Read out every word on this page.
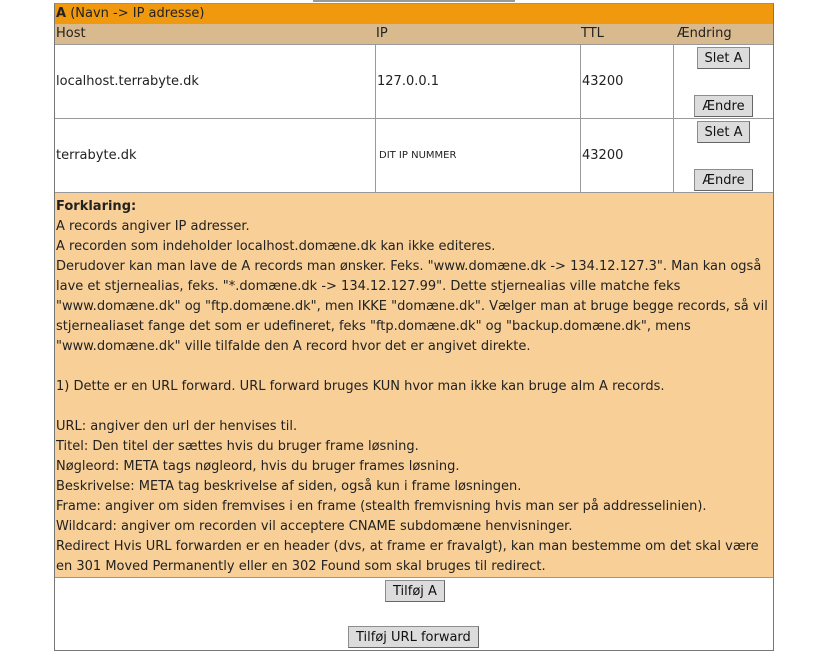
A (Navn -> IP adresse)
Host	IP	TTL	Ændring
localhost.terrabyte.dk	127.0.0.1	43200
Slet A
Ændre
terrabyte.dk	DIT IP NUMMER	43200
Slet A
Ændre

Forklaring:

A records angiver IP adresser.

A recorden som indeholder localhost.domæne.dk kan ikke editeres.

Derudover kan man lave de A records man ønsker. Feks. "www.domæne.dk -> 134.12.127.3". Man kan også lave et stjernealias, feks. "*.domæne.dk -> 134.12.127.99". Dette stjernealias ville matche feks "www.domæne.dk" og "ftp.domæne.dk", men IKKE "domæne.dk". Vælger man at bruge begge records, så vil stjernealiaset fange det som er udefineret, feks "ftp.domæne.dk" og "backup.domæne.dk", mens "www.domæne.dk" ville tilfalde den A record hvor det er angivet direkte.

1) Dette er en URL forward. URL forward bruges KUN hvor man ikke kan bruge alm A records.

URL: angiver den url der henvises til.

Titel: Den titel der sættes hvis du bruger frame løsning.

Nøgleord: META tags nøgleord, hvis du bruger frames løsning.

Beskrivelse: META tag beskrivelse af siden, også kun i frame løsningen.

Frame: angiver om siden fremvises i en frame (stealth fremvisning hvis man ser på addresselinien).

Wildcard: angiver om recorden vil acceptere CNAME subdomæne henvisninger.

Redirect Hvis URL forwarden er en header (dvs, at frame er fravalgt), kan man bestemme om det skal være en 301 Moved Permanently eller en 302 Found som skal bruges til redirect.

Tilføj A
Tilføj URL forward
